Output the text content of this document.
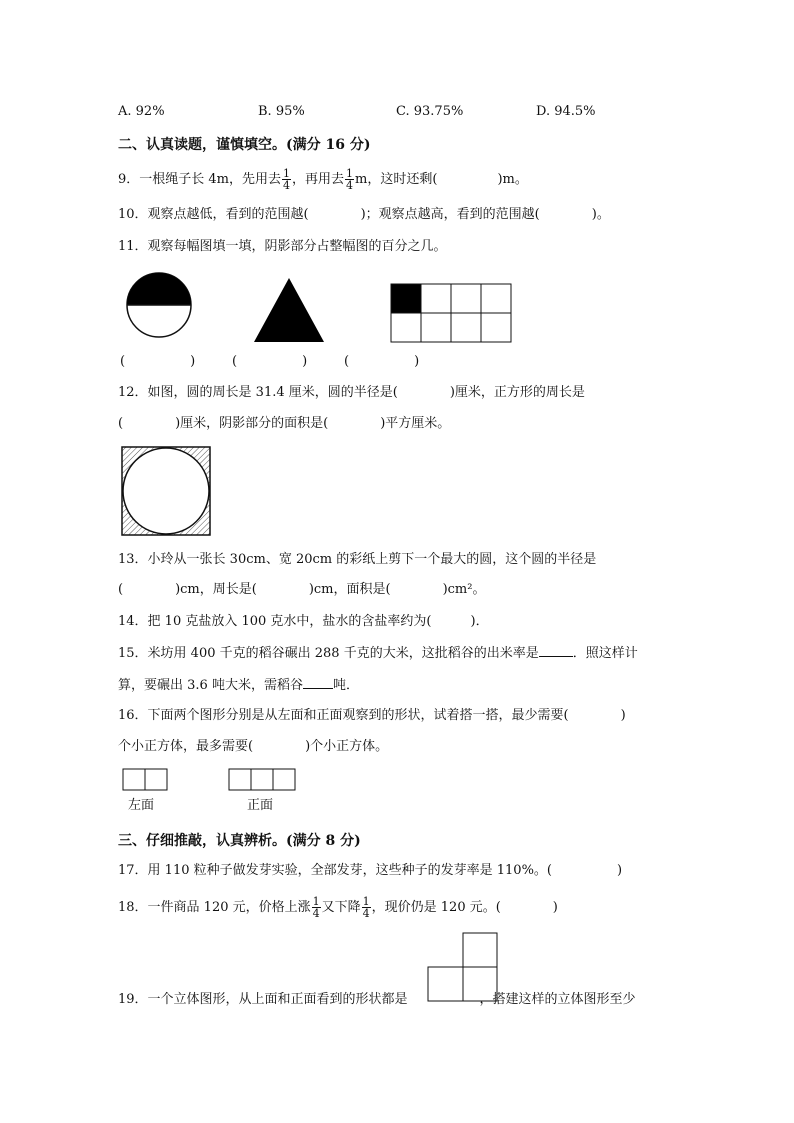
A. 92%	B. 95%	C. 93.75%	D. 94.5%
二、认真读题，谨慎填空。(满分 16 分)
9．一根绳子长 4m，先用去 $\frac{1}{4}$ ，再用去 $\frac{1}{4}$ m，这时还剩(	)m。
10．观察点越低，看到的范围越(　　　　)；观察点越高，看到的范围越(　　　　)。
11．观察每幅图填一填，阴影部分占整幅图的百分之几。
(　　　　　)	(　　　　　)	(　　　　　)
12．如图，圆的周长是 31.4 厘米，圆的半径是(　　　　)厘米，正方形的周长是
(　　　　)厘米，阴影部分的面积是(　　　　)平方厘米。
13．小玲从一张长 30cm、宽 20cm 的彩纸上剪下一个最大的圆，这个圆的半径是
(　　　　)cm，周长是(　　　　)cm，面积是(　　　　)cm²。
14．把 10 克盐放入 100 克水中，盐水的含盐率约为(　　　)．
15．米坊用 400 千克的稻谷碾出 288 千克的大米，这批稻谷的出米率是	．照这样计
算，要碾出 3.6 吨大米，需稻谷 吨．
16．下面两个图形分别是从左面和正面观察到的形状，试着搭一搭，最少需要(　　　　)
个小正方体，最多需要(　　　　)个小正方体。
左面	正面
三、仔细推敲，认真辨析。(满分 8 分)
17．用 110 粒种子做发芽实验，全部发芽，这些种子的发芽率是 110%。(　　　　　)
18．一件商品 120 元，价格上涨 $\frac{1}{4}$ 又下降 $\frac{1}{4}$ ，现价仍是 120 元。(　　　　)
19．一个立体图形，从上面和正面看到的形状都是	，搭建这样的立体图形至少
